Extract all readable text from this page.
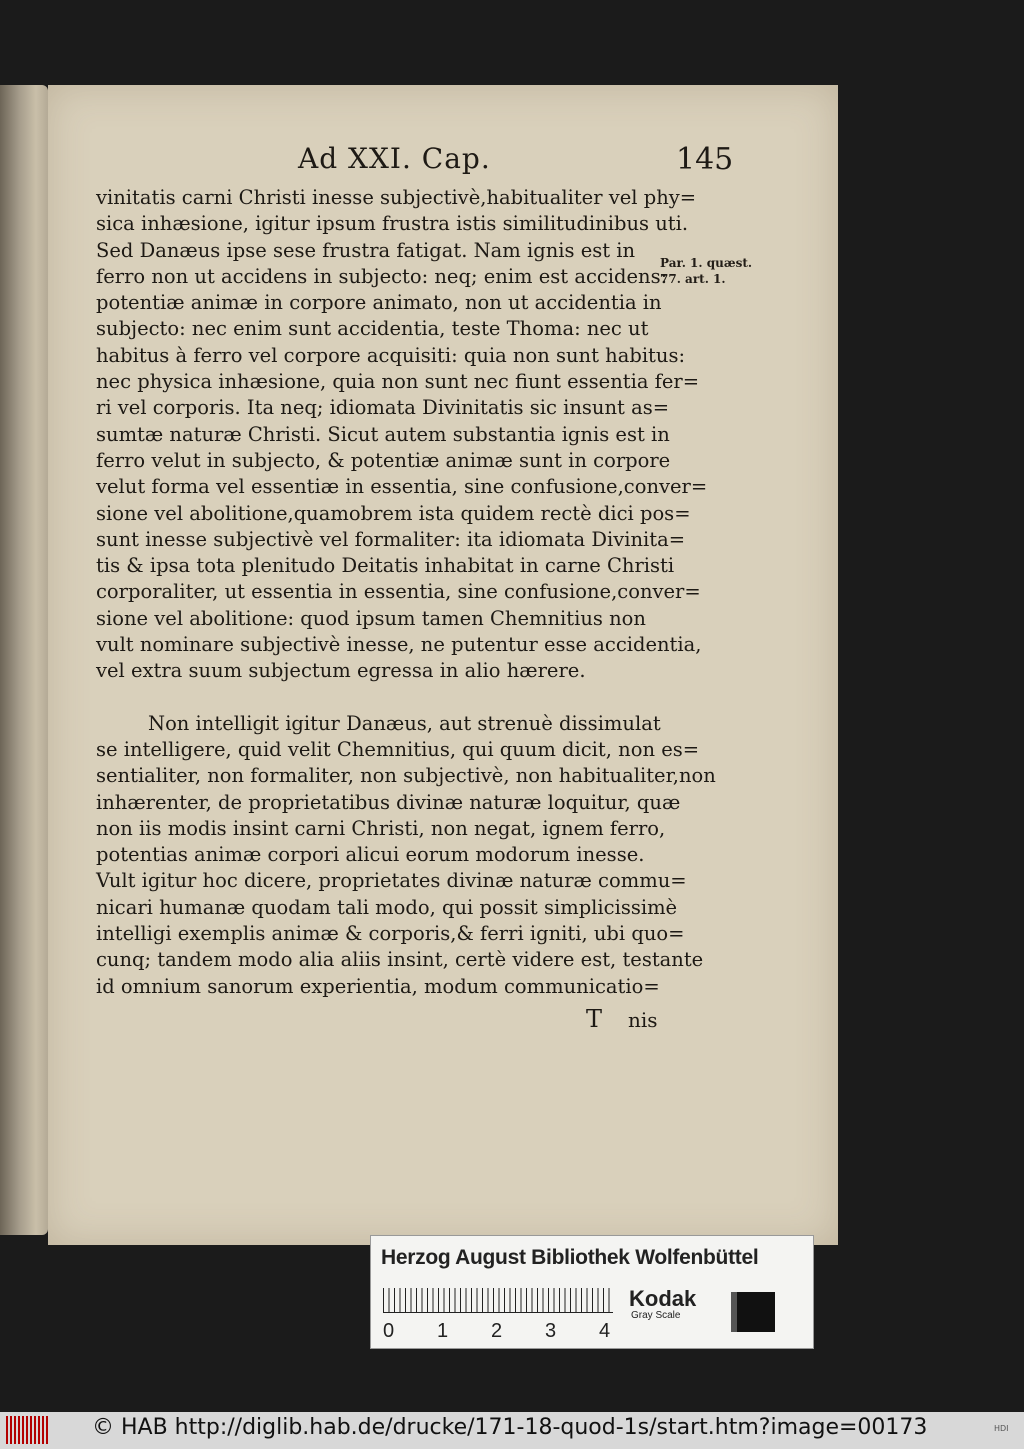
Ad XXI. Cap.	145
Par. 1. quæst.
77. art. 1.
vinitatis carni Christi inesse subjectivè,habitualiter vel phy=
sica inhæsione, igitur ipsum frustra istis similitudinibus uti.
Sed Danæus ipse sese frustra fatigat. Nam ignis est in
ferro non ut accidens in subjecto: neq; enim est accidens:
potentiæ animæ in corpore animato, non ut accidentia in
subjecto: nec enim sunt accidentia, teste Thoma: nec ut
habitus à ferro vel corpore acquisiti: quia non sunt habitus:
nec physica inhæsione, quia non sunt nec fiunt essentia fer=
ri vel corporis. Ita neq; idiomata Divinitatis sic insunt as=
sumtæ naturæ Christi. Sicut autem substantia ignis est in
ferro velut in subjecto, & potentiæ animæ sunt in corpore
velut forma vel essentiæ in essentia, sine confusione,conver=
sione vel abolitione,quamobrem ista quidem rectè dici pos=
sunt inesse subjectivè vel formaliter: ita idiomata Divinita=
tis & ipsa tota plenitudo Deitatis inhabitat in carne Christi
corporaliter, ut essentia in essentia, sine confusione,conver=
sione vel abolitione: quod ipsum tamen Chemnitius non
vult nominare subjectivè inesse, ne putentur esse accidentia,
vel extra suum subjectum egressa in alio hærere.
Non intelligit igitur Danæus, aut strenuè dissimulat
se intelligere, quid velit Chemnitius, qui quum dicit, non es=
sentialiter, non formaliter, non subjectivè, non habitualiter,non
inhærenter, de proprietatibus divinæ naturæ loquitur, quæ
non iis modis insint carni Christi, non negat, ignem ferro,
potentias animæ corpori alicui eorum modorum inesse.
Vult igitur hoc dicere, proprietates divinæ naturæ commu=
nicari humanæ quodam tali modo, qui possit simplicissimè
intelligi exemplis animæ & corporis,& ferri igniti, ubi quo=
cunq; tandem modo alia aliis insint, certè videre est, testante
id omnium sanorum experientia, modum communicatio=
T nis
Herzog August Bibliothek Wolfenbüttel
0 1 2 3 4
Kodak
Gray Scale
© HAB http://diglib.hab.de/drucke/171-18-quod-1s/start.htm?image=00173	HDI
